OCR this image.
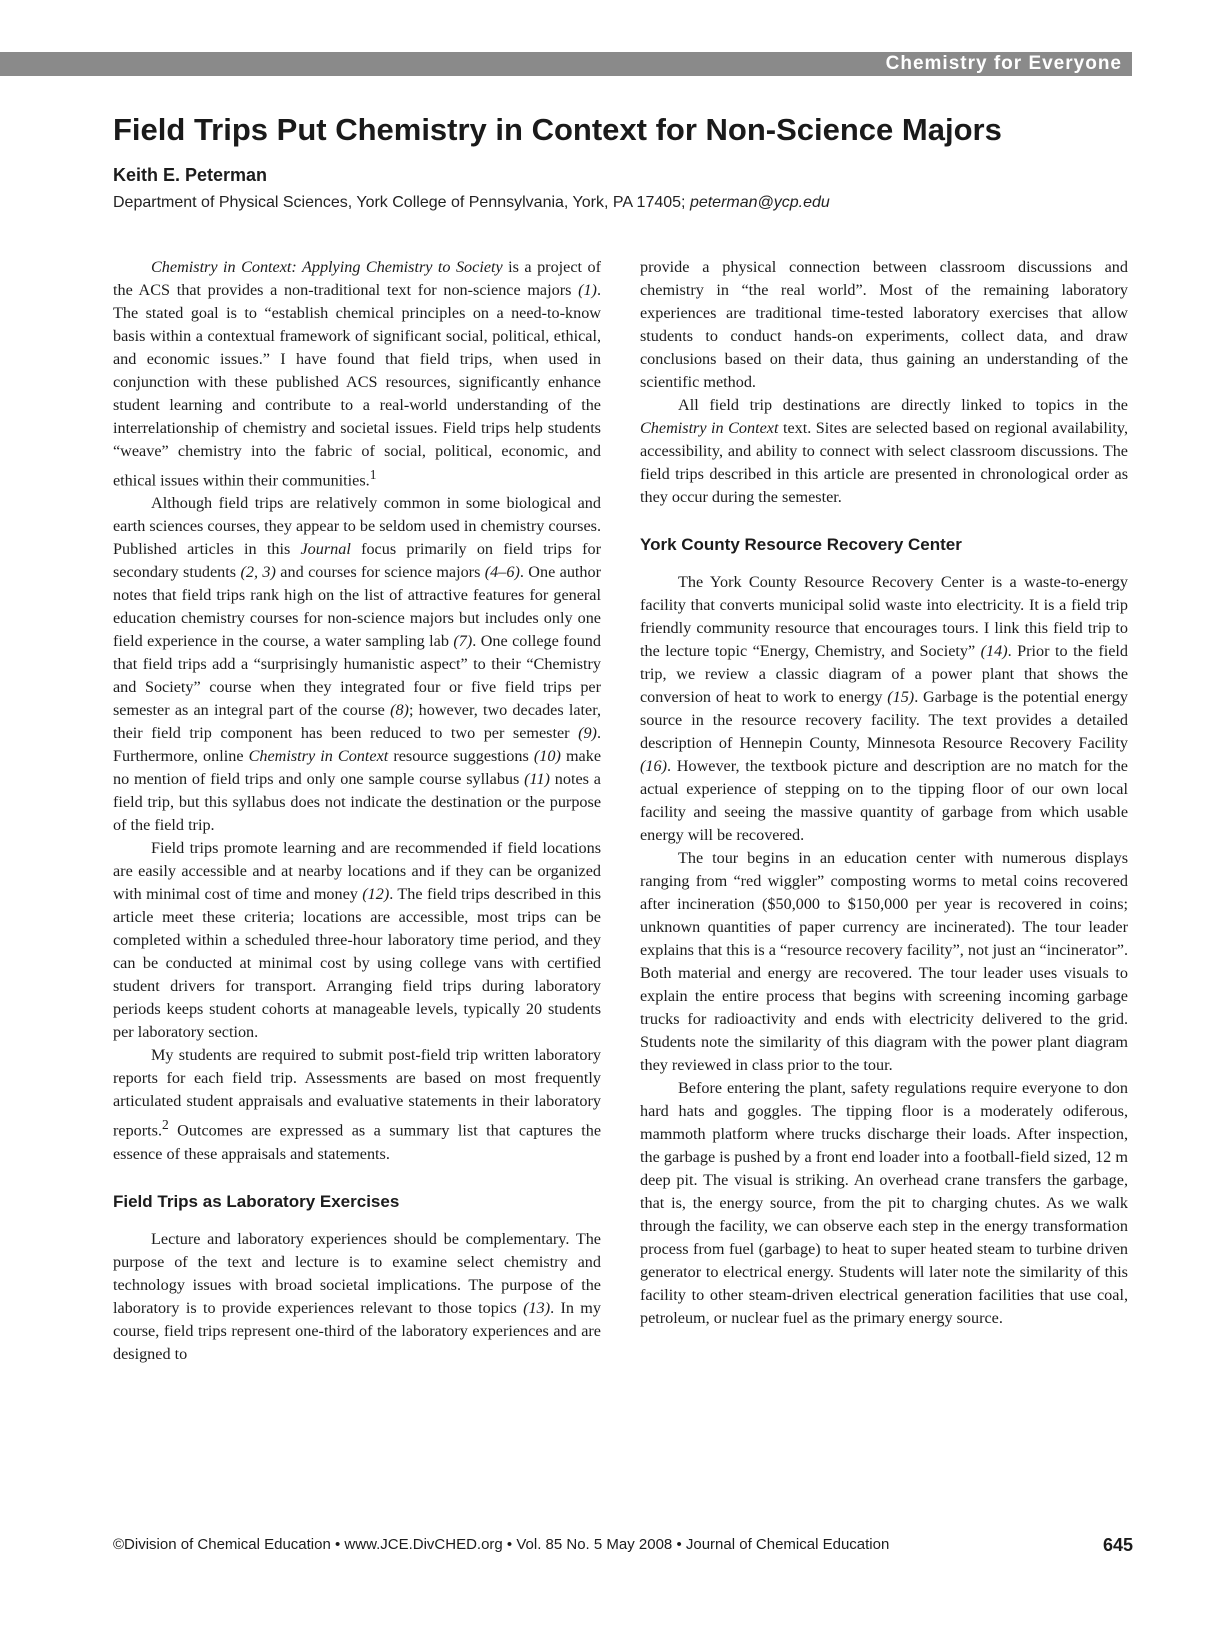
Chemistry for Everyone
Field Trips Put Chemistry in Context for Non-Science Majors

Keith E. Peterman

Department of Physical Sciences, York College of Pennsylvania, York, PA 17405; peterman@ycp.edu

Chemistry in Context: Applying Chemistry to Society is a project of the ACS that provides a non-traditional text for non-science majors (1). The stated goal is to “establish chemical principles on a need-to-know basis within a contextual framework of significant social, political, ethical, and economic issues.” I have found that field trips, when used in conjunction with these published ACS resources, significantly enhance student learning and contribute to a real-world understanding of the interrelationship of chemistry and societal issues. Field trips help students “weave” chemistry into the fabric of social, political, economic, and ethical issues within their communities.$^1$

Although field trips are relatively common in some biological and earth sciences courses, they appear to be seldom used in chemistry courses. Published articles in this Journal focus primarily on field trips for secondary students (2, 3) and courses for science majors (4–6). One author notes that field trips rank high on the list of attractive features for general education chemistry courses for non-science majors but includes only one field experience in the course, a water sampling lab (7). One college found that field trips add a “surprisingly humanistic aspect” to their “Chemistry and Society” course when they integrated four or five field trips per semester as an integral part of the course (8); however, two decades later, their field trip component has been reduced to two per semester (9). Furthermore, online Chemistry in Context resource suggestions (10) make no mention of field trips and only one sample course syllabus (11) notes a field trip, but this syllabus does not indicate the destination or the purpose of the field trip.

Field trips promote learning and are recommended if field locations are easily accessible and at nearby locations and if they can be organized with minimal cost of time and money (12). The field trips described in this article meet these criteria; locations are accessible, most trips can be completed within a scheduled three-hour laboratory time period, and they can be conducted at minimal cost by using college vans with certified student drivers for transport. Arranging field trips during laboratory periods keeps student cohorts at manageable levels, typically 20 students per laboratory section.

My students are required to submit post-field trip written laboratory reports for each field trip. Assessments are based on most frequently articulated student appraisals and evaluative statements in their laboratory reports.$^2$ Outcomes are expressed as a summary list that captures the essence of these appraisals and statements.

Field Trips as Laboratory Exercises

Lecture and laboratory experiences should be complementary. The purpose of the text and lecture is to examine select chemistry and technology issues with broad societal implications. The purpose of the laboratory is to provide experiences relevant to those topics (13). In my course, field trips represent one-third of the laboratory experiences and are designed to

provide a physical connection between classroom discussions and chemistry in “the real world”. Most of the remaining laboratory experiences are traditional time-tested laboratory exercises that allow students to conduct hands-on experiments, collect data, and draw conclusions based on their data, thus gaining an understanding of the scientific method.

All field trip destinations are directly linked to topics in the Chemistry in Context text. Sites are selected based on regional availability, accessibility, and ability to connect with select classroom discussions. The field trips described in this article are presented in chronological order as they occur during the semester.

York County Resource Recovery Center

The York County Resource Recovery Center is a waste-to-energy facility that converts municipal solid waste into electricity. It is a field trip friendly community resource that encourages tours. I link this field trip to the lecture topic “Energy, Chemistry, and Society” (14). Prior to the field trip, we review a classic diagram of a power plant that shows the conversion of heat to work to energy (15). Garbage is the potential energy source in the resource recovery facility. The text provides a detailed description of Hennepin County, Minnesota Resource Recovery Facility (16). However, the textbook picture and description are no match for the actual experience of stepping on to the tipping floor of our own local facility and seeing the massive quantity of garbage from which usable energy will be recovered.

The tour begins in an education center with numerous displays ranging from “red wiggler” composting worms to metal coins recovered after incineration ($50,000 to $150,000 per year is recovered in coins; unknown quantities of paper currency are incinerated). The tour leader explains that this is a “resource recovery facility”, not just an “incinerator”. Both material and energy are recovered. The tour leader uses visuals to explain the entire process that begins with screening incoming garbage trucks for radioactivity and ends with electricity delivered to the grid. Students note the similarity of this diagram with the power plant diagram they reviewed in class prior to the tour.

Before entering the plant, safety regulations require everyone to don hard hats and goggles. The tipping floor is a moderately odiferous, mammoth platform where trucks discharge their loads. After inspection, the garbage is pushed by a front end loader into a football-field sized, 12 m deep pit. The visual is striking. An overhead crane transfers the garbage, that is, the energy source, from the pit to charging chutes. As we walk through the facility, we can observe each step in the energy transformation process from fuel (garbage) to heat to super heated steam to turbine driven generator to electrical energy. Students will later note the similarity of this facility to other steam-driven electrical generation facilities that use coal, petroleum, or nuclear fuel as the primary energy source.

©Division of Chemical Education • www.JCE.DivCHED.org • Vol. 85 No. 5 May 2008 • Journal of Chemical Education	645
